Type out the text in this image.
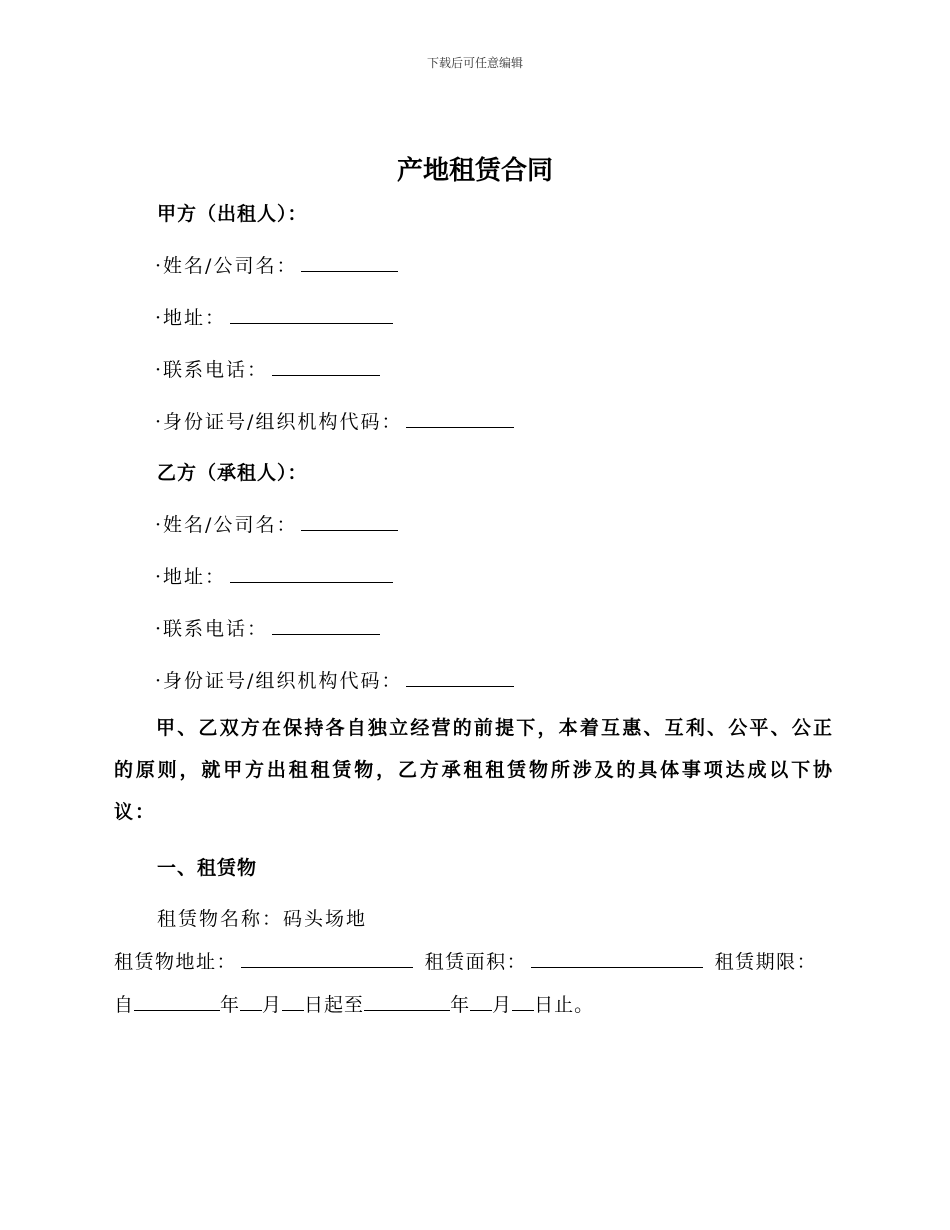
下载后可任意编辑
产地租赁合同
甲方（出租人）：
·姓名/公司名：
·地址：
·联系电话：
·身份证号/组织机构代码：
乙方（承租人）：
·姓名/公司名：
·地址：
·联系电话：
·身份证号/组织机构代码：
甲、乙双方在保持各自独立经营的前提下，本着互惠、互利、公平、公正的原则，就甲方出租租赁物，乙方承租租赁物所涉及的具体事项达成以下协议：
一、租赁物
租赁物名称：码头场地
租赁物地址：	租赁面积：	租赁期限：
自	年 月 日起至	年 月 日止。
